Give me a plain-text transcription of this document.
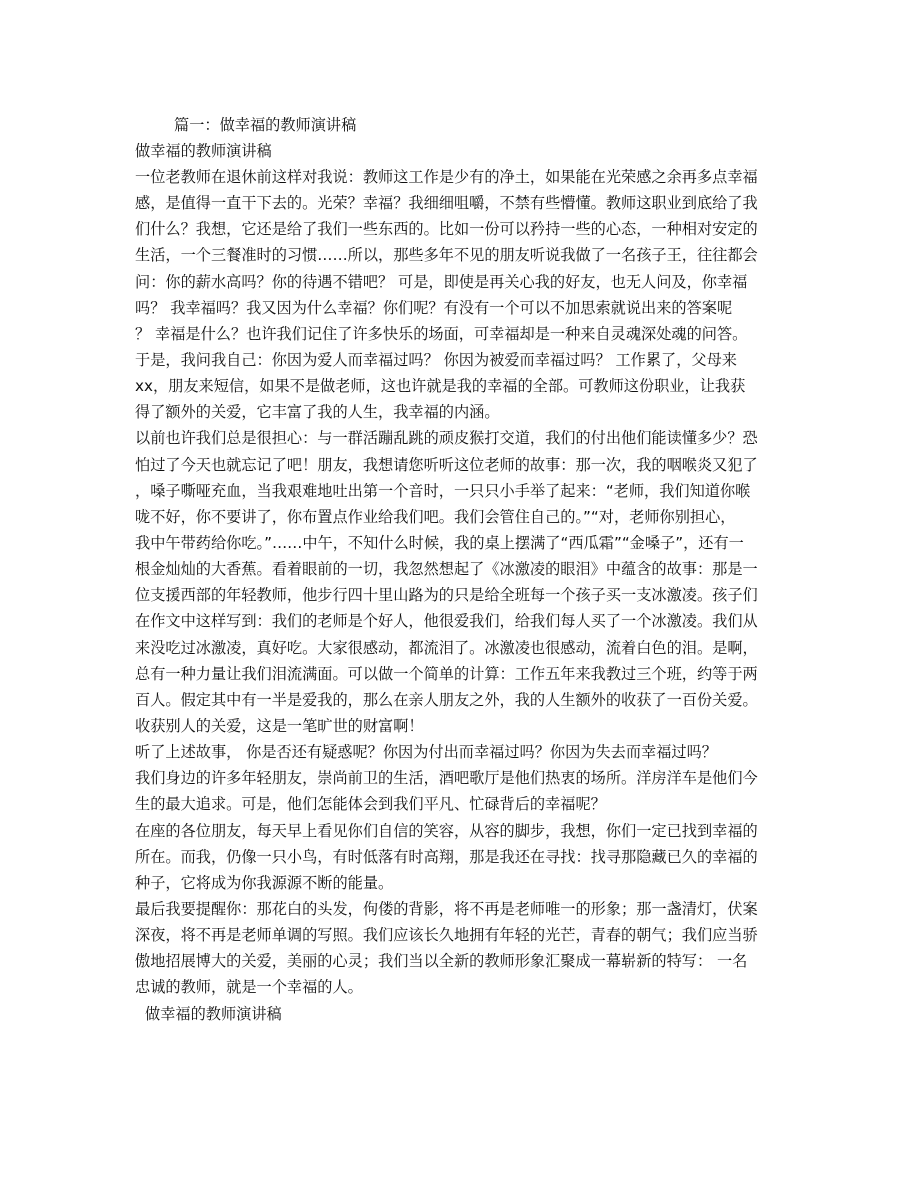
篇一：做幸福的教师演讲稿
做幸福的教师演讲稿
一位老教师在退休前这样对我说：教师这工作是少有的净土，如果能在光荣感之余再多点幸福
感，是值得一直干下去的。光荣？幸福？我细细咀嚼，不禁有些懵懂。教师这职业到底给了我
们什么？我想，它还是给了我们一些东西的。比如一份可以矜持一些的心态，一种相对安定的
生活，一个三餐准时的习惯……所以，那些多年不见的朋友听说我做了一名孩子王，往往都会
问：你的薪水高吗？你的待遇不错吧？ 可是，即使是再关心我的好友，也无人问及，你幸福
吗？ 我幸福吗？我又因为什么幸福？你们呢？有没有一个可以不加思索就说出来的答案呢
？ 幸福是什么？也许我们记住了许多快乐的场面，可幸福却是一种来自灵魂深处魂的问答。
于是，我问我自己：你因为爱人而幸福过吗？ 你因为被爱而幸福过吗？ 工作累了，父母来
xx，朋友来短信，如果不是做老师，这也许就是我的幸福的全部。可教师这份职业，让我获
得了额外的关爱，它丰富了我的人生，我幸福的内涵。
以前也许我们总是很担心：与一群活蹦乱跳的顽皮猴打交道，我们的付出他们能读懂多少？恐
怕过了今天也就忘记了吧！朋友，我想请您听听这位老师的故事：那一次，我的咽喉炎又犯了
，嗓子嘶哑充血，当我艰难地吐出第一个音时，一只只小手举了起来：“老师，我们知道你喉
咙不好，你不要讲了，你布置点作业给我们吧。我们会管住自己的。”“对，老师你别担心，
我中午带药给你吃。”……中午，不知什么时候，我的桌上摆满了“西瓜霜”“金嗓子”，还有一
根金灿灿的大香蕉。看着眼前的一切，我忽然想起了《冰激凌的眼泪》中蕴含的故事：那是一
位支援西部的年轻教师，他步行四十里山路为的只是给全班每一个孩子买一支冰激凌。孩子们
在作文中这样写到：我们的老师是个好人，他很爱我们，给我们每人买了一个冰激凌。我们从
来没吃过冰激凌，真好吃。大家很感动，都流泪了。冰激凌也很感动，流着白色的泪。是啊，
总有一种力量让我们泪流满面。可以做一个简单的计算：工作五年来我教过三个班，约等于两
百人。假定其中有一半是爱我的，那么在亲人朋友之外，我的人生额外的收获了一百份关爱。
收获别人的关爱，这是一笔旷世的财富啊！
听了上述故事， 你是否还有疑惑呢？你因为付出而幸福过吗？你因为失去而幸福过吗？
我们身边的许多年轻朋友，崇尚前卫的生活，酒吧歌厅是他们热衷的场所。洋房洋车是他们今
生的最大追求。可是，他们怎能体会到我们平凡、忙碌背后的幸福呢？
在座的各位朋友，每天早上看见你们自信的笑容，从容的脚步，我想，你们一定已找到幸福的
所在。而我，仍像一只小鸟，有时低落有时高翔，那是我还在寻找：找寻那隐藏已久的幸福的
种子，它将成为你我源源不断的能量。
最后我要提醒你：那花白的头发，佝偻的背影，将不再是老师唯一的形象；那一盏清灯，伏案
深夜，将不再是老师单调的写照。我们应该长久地拥有年轻的光芒，青春的朝气；我们应当骄
傲地招展博大的关爱，美丽的心灵；我们当以全新的教师形象汇聚成一幕崭新的特写： 一名
忠诚的教师，就是一个幸福的人。
做幸福的教师演讲稿
